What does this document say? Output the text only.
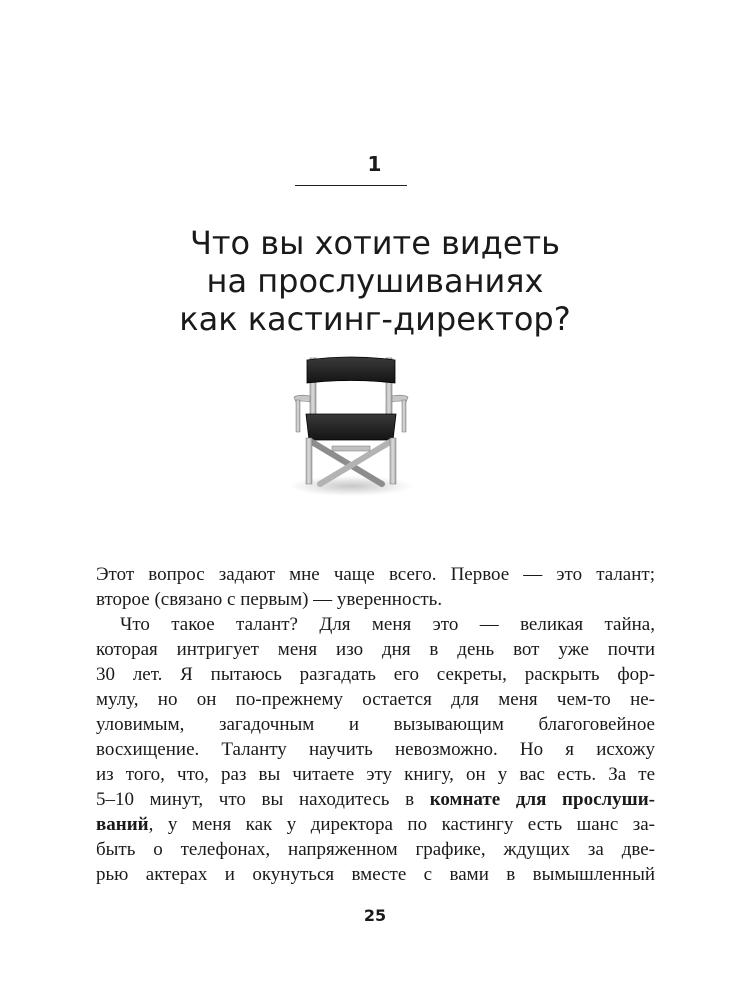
1
Что вы хотите видеть
на прослушиваниях
как кастинг-директор?

Этот вопрос задают мне чаще всего. Первое — это талант;
второе (связано с первым) — уверенность.

Что такое талант? Для меня это — великая тайна,
которая интригует меня изо дня в день вот уже почти
30 лет. Я пытаюсь разгадать его секреты, раскрыть фор-
мулу, но он по-прежнему остается для меня чем-то не-
уловимым, загадочным и вызывающим благоговейное
восхищение. Таланту научить невозможно. Но я исхожу
из того, что, раз вы читаете эту книгу, он у вас есть. За те
5–10 минут, что вы находитесь в комнате для прослуши-
ваний, у меня как у директора по кастингу есть шанс за-
быть о телефонах, напряженном графике, ждущих за две-
рью актерах и окунуться вместе с вами в вымышленный

25
